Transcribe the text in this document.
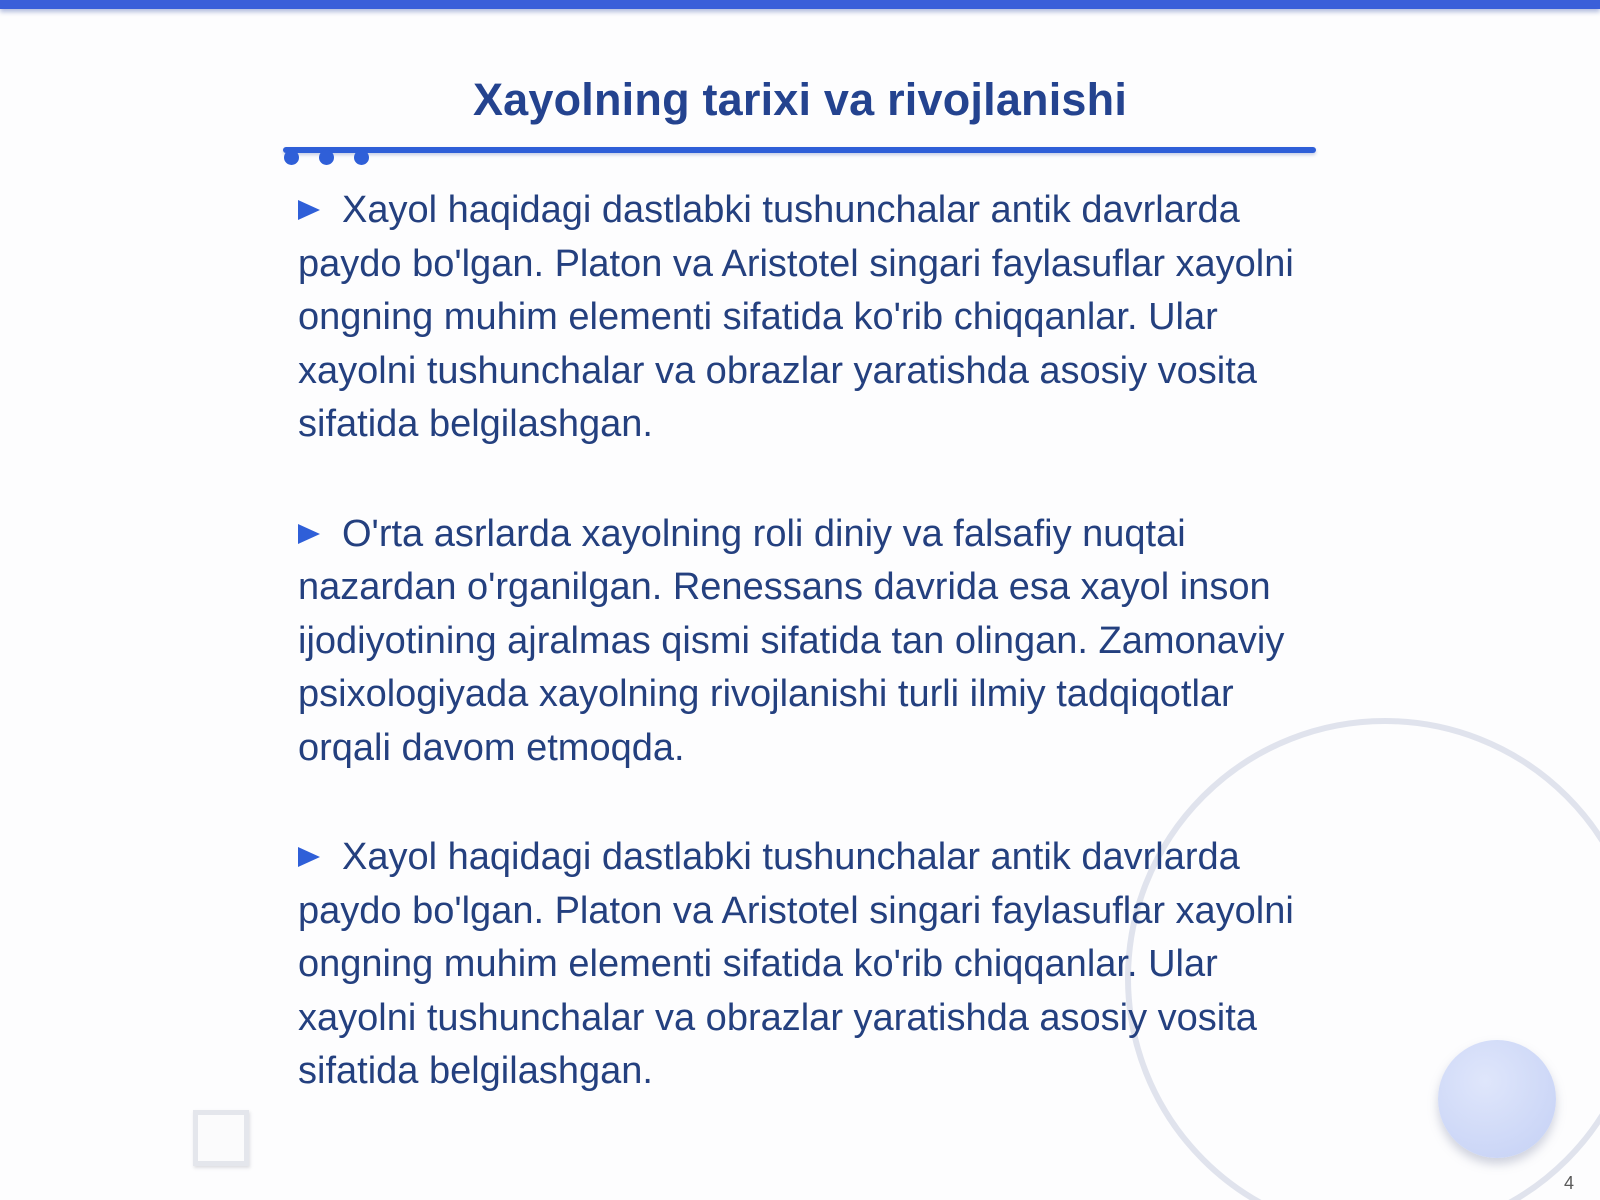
Xayolning tarixi va rivojlanishi

Xayol haqidagi dastlabki tushunchalar antik davrlarda paydo bo'lgan. Platon va Aristotel singari faylasuflar xayolni ongning muhim elementi sifatida ko'rib chiqqanlar. Ular xayolni tushunchalar va obrazlar yaratishda asosiy vosita sifatida belgilashgan.

O'rta asrlarda xayolning roli diniy va falsafiy nuqtai nazardan o'rganilgan. Renessans davrida esa xayol inson ijodiyotining ajralmas qismi sifatida tan olingan. Zamonaviy psixologiyada xayolning rivojlanishi turli ilmiy tadqiqotlar orqali davom etmoqda.

Xayol haqidagi dastlabki tushunchalar antik davrlarda paydo bo'lgan. Platon va Aristotel singari faylasuflar xayolni ongning muhim elementi sifatida ko'rib chiqqanlar. Ular xayolni tushunchalar va obrazlar yaratishda asosiy vosita sifatida belgilashgan.

4
